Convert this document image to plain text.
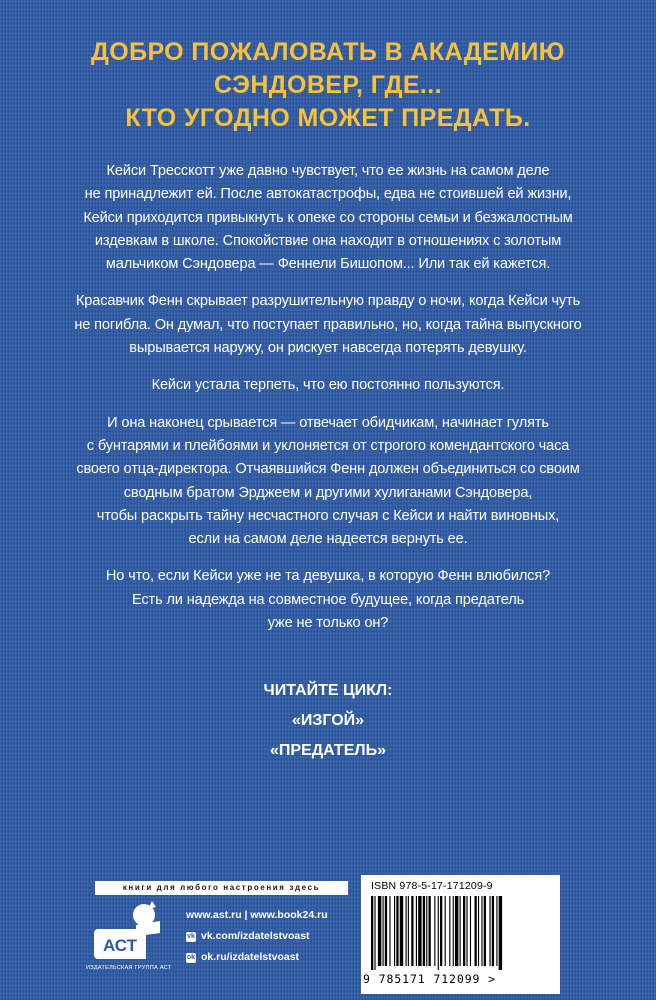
ДОБРО ПОЖАЛОВАТЬ В АКАДЕМИЮ
СЭНДОВЕР, ГДЕ...
КТО УГОДНО МОЖЕТ ПРЕДАТЬ.

Кейси Тресскотт уже давно чувствует, что ее жизнь на самом деле
не принадлежит ей. После автокатастрофы, едва не стоившей ей жизни,
Кейси приходится привыкнуть к опеке со стороны семьи и безжалостным
издевкам в школе. Спокойствие она находит в отношениях с золотым
мальчиком Сэндовера — Феннели Бишопом... Или так ей кажется.

Красавчик Фенн скрывает разрушительную правду о ночи, когда Кейси чуть
не погибла. Он думал, что поступает правильно, но, когда тайна выпускного
вырывается наружу, он рискует навсегда потерять девушку.

Кейси устала терпеть, что ею постоянно пользуются.

И она наконец срывается — отвечает обидчикам, начинает гулять
с бунтарями и плейбоями и уклоняется от строгого комендантского часа
своего отца-директора. Отчаявшийся Фенн должен объединиться со своим
сводным братом Эрджеем и другими хулиганами Сэндовера,
чтобы раскрыть тайну несчастного случая с Кейси и найти виновных,
если на самом деле надеется вернуть ее.

Но что, если Кейси уже не та девушка, в которую Фенн влюбился?
Есть ли надежда на совместное будущее, когда предатель
уже не только он?

ЧИТАЙТЕ ЦИКЛ:
«ИЗГОЙ»
«ПРЕДАТЕЛЬ»
книги для любого настроения здесь
АСТ
ИЗДАТЕЛЬСКАЯ ГРУППА АСТ
www.ast.ru | www.book24.ru
vk vk.com/izdatelstvoast
ok ok.ru/izdatelstvoast
ISBN 978-5-17-171209-9
9 785171 712099 >
